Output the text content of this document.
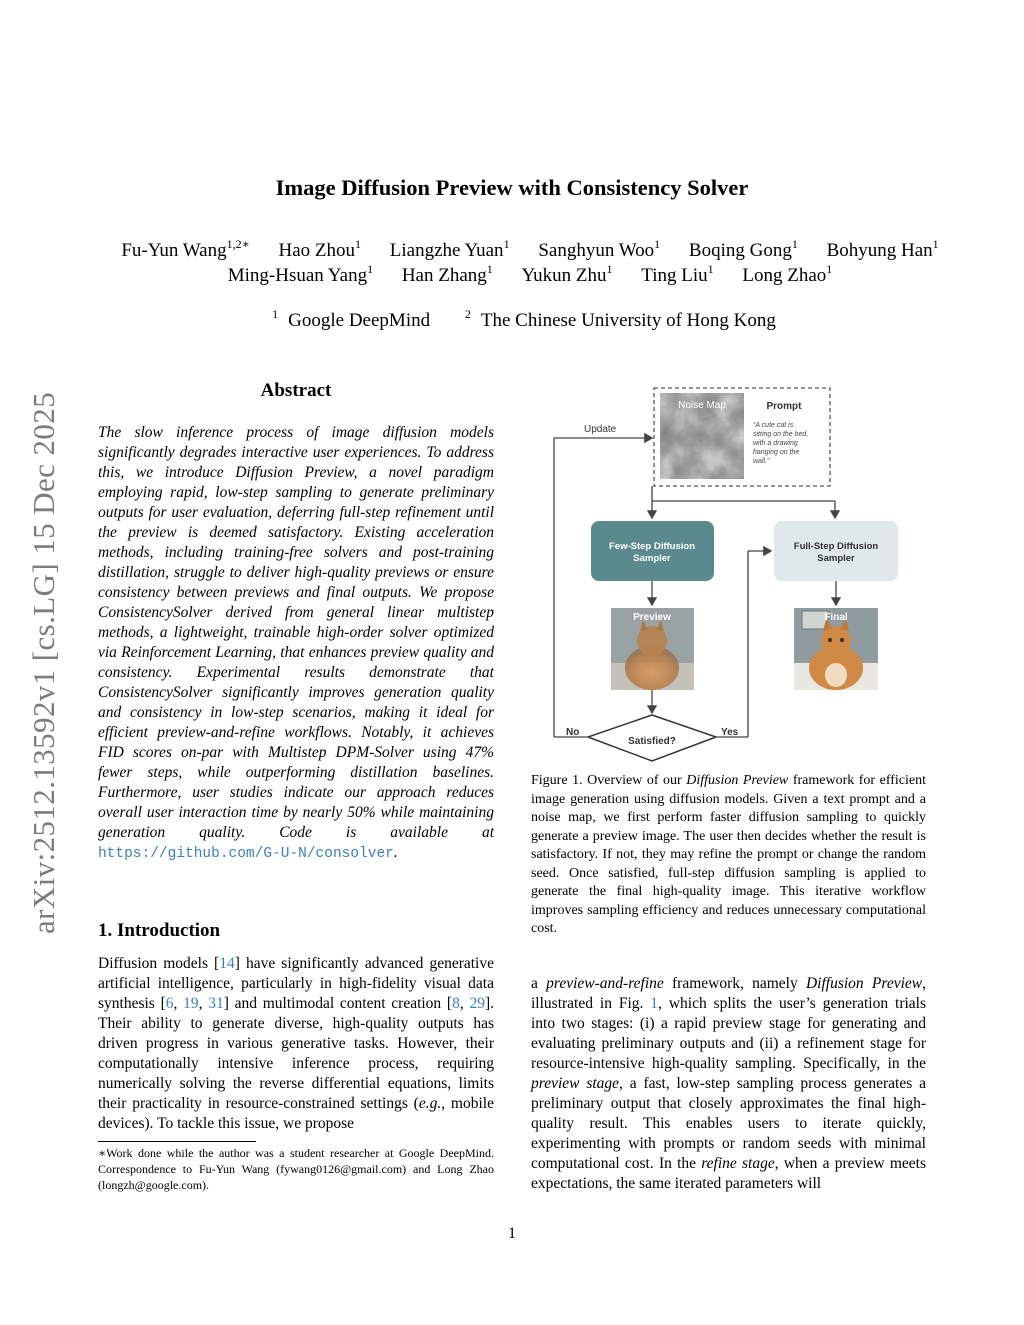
arXiv:2512.13592v1 [cs.LG] 15 Dec 2025
Image Diffusion Preview with Consistency Solver
Fu-Yun Wang$^{1,2∗}$ Hao Zhou$^1$ Liangzhe Yuan$^1$ Sanghyun Woo$^1$ Boqing Gong$^1$ Bohyung Han$^1$
Ming-Hsuan Yang$^1$ Han Zhang$^1$ Yukun Zhu$^1$ Ting Liu$^1$ Long Zhao$^1$
$^1$ Google DeepMind	$^2$ The Chinese University of Hong Kong
Abstract
The slow inference process of image diffusion models significantly degrades interactive user experiences. To address this, we introduce Diffusion Preview, a novel paradigm employing rapid, low-step sampling to generate preliminary outputs for user evaluation, deferring full-step refinement until the preview is deemed satisfactory. Existing acceleration methods, including training-free solvers and post-training distillation, struggle to deliver high-quality previews or ensure consistency between previews and final outputs. We propose ConsistencySolver derived from general linear multistep methods, a lightweight, trainable high-order solver optimized via Reinforcement Learning, that enhances preview quality and consistency. Experimental results demonstrate that ConsistencySolver significantly improves generation quality and consistency in low-step scenarios, making it ideal for efficient preview-and-refine workflows. Notably, it achieves FID scores on-par with Multistep DPM-Solver using 47% fewer steps, while outperforming distillation baselines. Furthermore, user studies indicate our approach reduces overall user interaction time by nearly 50% while maintaining generation quality. Code is available at https://github.com/G-U-N/consolver.
1. Introduction
Diffusion models [14] have significantly advanced generative artificial intelligence, particularly in high-fidelity visual data synthesis [6, 19, 31] and multimodal content creation [8, 29]. Their ability to generate diverse, high-quality outputs has driven progress in various generative tasks. However, their computationally intensive inference process, requiring numerically solving the reverse differential equations, limits their practicality in resource-constrained settings (e.g., mobile devices). To tackle this issue, we propose
∗Work done while the author was a student researcher at Google DeepMind. Correspondence to Fu-Yun Wang (fywang0126@gmail.com) and Long Zhao (longzh@google.com).
Noise Map	Prompt
“A cute cat is
sitting on the bed,
with a drawing
hanging on the
wall.”
Update
Few-Step Diffusion
Sampler
Full-Step Diffusion
Sampler
Preview	Final
Satisfied?
No	Yes
Figure 1. Overview of our Diffusion Preview framework for efficient image generation using diffusion models. Given a text prompt and a noise map, we first perform faster diffusion sampling to quickly generate a preview image. The user then decides whether the result is satisfactory. If not, they may refine the prompt or change the random seed. Once satisfied, full-step diffusion sampling is applied to generate the final high-quality image. This iterative workflow improves sampling efficiency and reduces unnecessary computational cost.
a preview-and-refine framework, namely Diffusion Preview, illustrated in Fig. 1, which splits the user’s generation trials into two stages: (i) a rapid preview stage for generating and evaluating preliminary outputs and (ii) a refinement stage for resource-intensive high-quality sampling. Specifically, in the preview stage, a fast, low-step sampling process generates a preliminary output that closely approximates the final high-quality result. This enables users to iterate quickly, experimenting with prompts or random seeds with minimal computational cost. In the refine stage, when a preview meets expectations, the same iterated parameters will
1
